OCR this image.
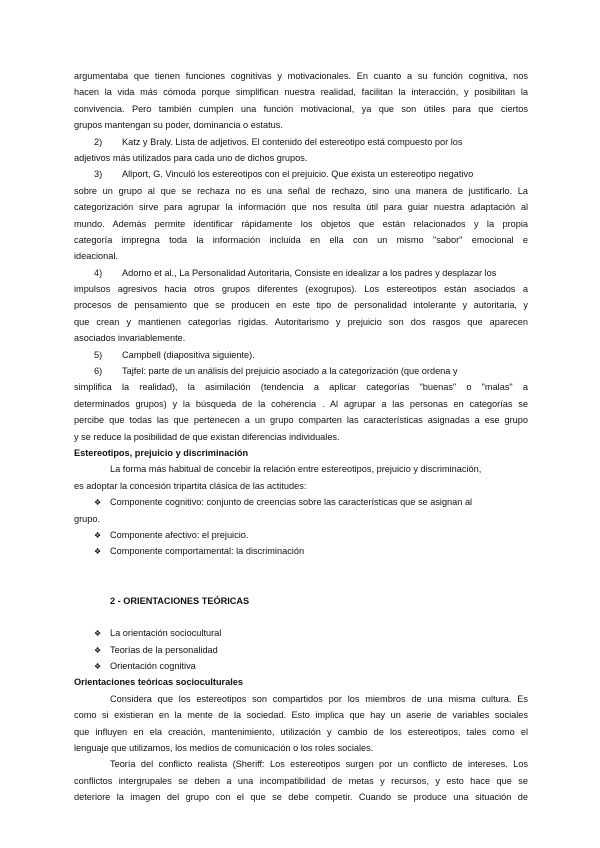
argumentaba que tienen funciones cognitivas y motivacionales. En cuanto a su función cognitiva, nos
hacen la vida más cómoda porque simplifican nuestra realidad, facilitan la interacción, y posibilitan la
convivencia. Pero también cumplen una función motivacional, ya que son útiles para que ciertos
grupos mantengan su poder, dominancia o estatus.
2) Katz y Braly. Lista de adjetivos. El contenido del estereotipo está compuesto por los
adjetivos más utilizados para cada uno de dichos grupos.
3) Allport, G. Vinculó los estereotipos con el prejuicio. Que exista un estereotipo negativo
sobre un grupo al que se rechaza no es una señal de rechazo, sino una manera de justificarlo. La
categorización sirve para agrupar la información que nos resulta útil para guiar nuestra adaptación al
mundo. Además permite identificar rápidamente los objetos que están relacionados y la propia
categoría impregna toda la información incluida en ella con un mismo "sabor" emocional e
ideacional.
4) Adorno et al., La Personalidad Autoritaria, Consiste en idealizar a los padres y desplazar los
impulsos agresivos hacia otros grupos diferentes (exogrupos). Los estereotipos están asociados a
procesos de pensamiento que se producen en este tipo de personalidad intolerante y autoritaria, y
que crean y mantienen categorías rígidas. Autoritarismo y prejuicio son dos rasgos que aparecen
asociados invariablemente.
5) Campbell (diapositiva siguiente).
6) Tajfel: parte de un análisis del prejuicio asociado a la categorización (que ordena y
simplifica la realidad), la asimilación (tendencia a aplicar categorías "buenas" o "malas" a
determinados grupos) y la búsqueda de la coherencia . Al agrupar a las personas en categorías se
percibe que todas las que pertenecen a un grupo comparten las características asignadas a ese grupo
y se reduce la posibilidad de que existan diferencias individuales.
Estereotipos, prejuicio y discriminación
La forma más habitual de concebir la relación entre estereotipos, prejuicio y discriminación,
es adoptar la concesión tripartita clásica de las actitudes:
❖ Componente cognitivo: conjunto de creencias sobre las características que se asignan al
grupo.
❖ Componente afectivo: el prejuicio.
❖ Componente comportamental: la discriminación
2 - ORIENTACIONES TEÓRICAS
❖ La orientación sociocultural
❖ Teorías de la personalidad
❖ Orientación cognitiva
Orientaciones teóricas socioculturales
Considera que los estereotipos son compartidos por los miembros de una misma cultura. Es
como si existieran en la mente de la sociedad. Esto implica que hay un aserie de variables sociales
que influyen en ela creación, mantenimiento, utilización y cambio de los estereotipos, tales como el
lenguaje que utilizamos, los medios de comunicación o los roles sociales.
Teoría del conflicto realista (Sheriff: Los estereotipos surgen por un conflicto de intereses. Los
conflictos intergrupales se deben a una incompatibilidad de metas y recursos, y esto hace que se
deteriore la imagen del grupo con el que se debe competir. Cuando se produce una situación de
